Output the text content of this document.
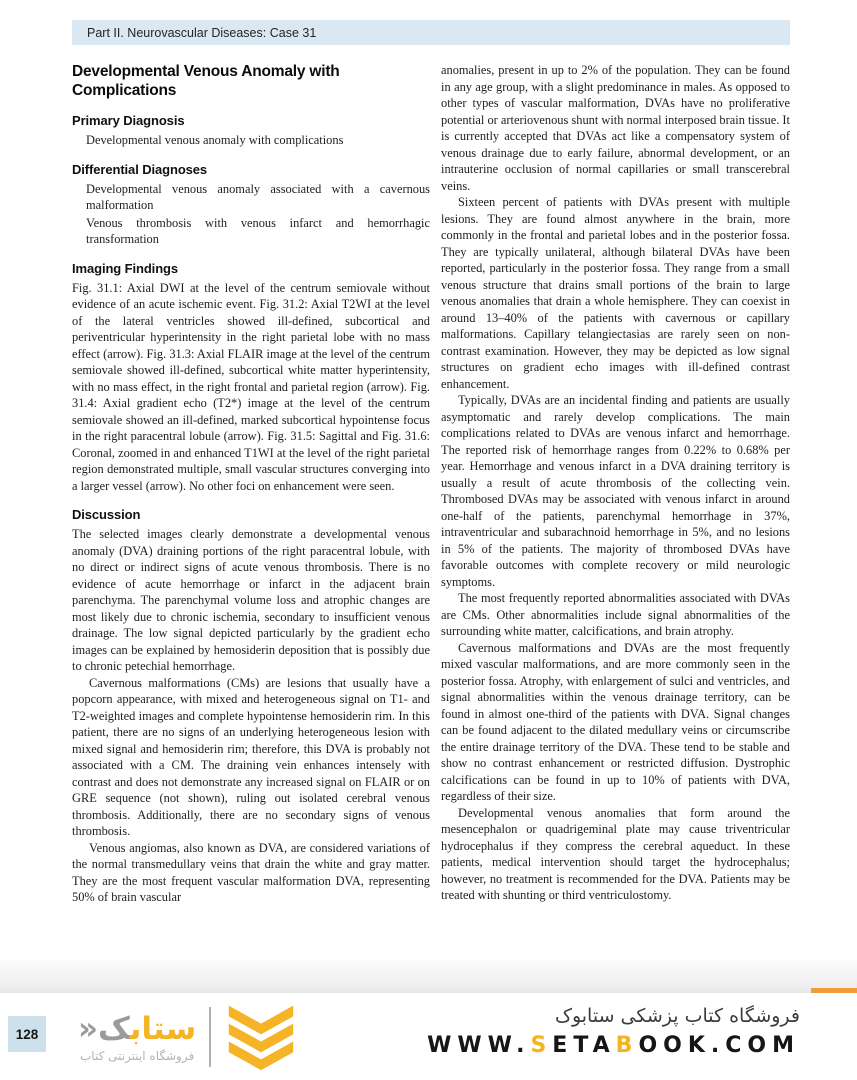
Part II. Neurovascular Diseases: Case 31
Developmental Venous Anomaly with Complications
Primary Diagnosis
Developmental venous anomaly with complications
Differential Diagnoses
Developmental venous anomaly associated with a cavernous malformation
Venous thrombosis with venous infarct and hemorrhagic transformation
Imaging Findings

Fig. 31.1: Axial DWI at the level of the centrum semiovale without evidence of an acute ischemic event. Fig. 31.2: Axial T2WI at the level of the lateral ventricles showed ill-defined, subcortical and periventricular hyperintensity in the right parietal lobe with no mass effect (arrow). Fig. 31.3: Axial FLAIR image at the level of the centrum semiovale showed ill-defined, subcortical white matter hyperintensity, with no mass effect, in the right frontal and parietal region (arrow). Fig. 31.4: Axial gradient echo (T2*) image at the level of the centrum semiovale showed an ill-defined, marked subcortical hypointense focus in the right paracentral lobule (arrow). Fig. 31.5: Sagittal and Fig. 31.6: Coronal, zoomed in and enhanced T1WI at the level of the right parietal region demonstrated multiple, small vascular structures converging into a larger vessel (arrow). No other foci on enhancement were seen.

Discussion

The selected images clearly demonstrate a developmental venous anomaly (DVA) draining portions of the right paracentral lobule, with no direct or indirect signs of acute venous thrombosis. There is no evidence of acute hemorrhage or infarct in the adjacent brain parenchyma. The parenchymal volume loss and atrophic changes are most likely due to chronic ischemia, secondary to insufficient venous drainage. The low signal depicted particularly by the gradient echo images can be explained by hemosiderin deposition that is possibly due to chronic petechial hemorrhage.

Cavernous malformations (CMs) are lesions that usually have a popcorn appearance, with mixed and heterogeneous signal on T1- and T2-weighted images and complete hypointense hemosiderin rim. In this patient, there are no signs of an underlying heterogeneous lesion with mixed signal and hemosiderin rim; therefore, this DVA is probably not associated with a CM. The draining vein enhances intensely with contrast and does not demonstrate any increased signal on FLAIR or on GRE sequence (not shown), ruling out isolated cerebral venous thrombosis. Additionally, there are no secondary signs of venous thrombosis.

Venous angiomas, also known as DVA, are considered variations of the normal transmedullary veins that drain the white and gray matter. They are the most frequent vascular malformation DVA, representing 50% of brain vascular

anomalies, present in up to 2% of the population. They can be found in any age group, with a slight predominance in males. As opposed to other types of vascular malformation, DVAs have no proliferative potential or arteriovenous shunt with normal interposed brain tissue. It is currently accepted that DVAs act like a compensatory system of venous drainage due to early failure, abnormal development, or an intrauterine occlusion of normal capillaries or small transcerebral veins.

Sixteen percent of patients with DVAs present with multiple lesions. They are found almost anywhere in the brain, more commonly in the frontal and parietal lobes and in the posterior fossa. They are typically unilateral, although bilateral DVAs have been reported, particularly in the posterior fossa. They range from a small venous structure that drains small portions of the brain to large venous anomalies that drain a whole hemisphere. They can coexist in around 13–40% of the patients with cavernous or capillary malformations. Capillary telangiectasias are rarely seen on non-contrast examination. However, they may be depicted as low signal structures on gradient echo images with ill-defined contrast enhancement.

Typically, DVAs are an incidental finding and patients are usually asymptomatic and rarely develop complications. The main complications related to DVAs are venous infarct and hemorrhage. The reported risk of hemorrhage ranges from 0.22% to 0.68% per year. Hemorrhage and venous infarct in a DVA draining territory is usually a result of acute thrombosis of the collecting vein. Thrombosed DVAs may be associated with venous infarct in around one-half of the patients, parenchymal hemorrhage in 37%, intraventricular and subarachnoid hemorrhage in 5%, and no lesions in 5% of the patients. The majority of thrombosed DVAs have favorable outcomes with complete recovery or mild neurologic symptoms.

The most frequently reported abnormalities associated with DVAs are CMs. Other abnormalities include signal abnormalities of the surrounding white matter, calcifications, and brain atrophy.

Cavernous malformations and DVAs are the most frequently mixed vascular malformations, and are more commonly seen in the posterior fossa. Atrophy, with enlargement of sulci and ventricles, and signal abnormalities within the venous drainage territory, can be found in almost one-third of the patients with DVA. Signal changes can be found adjacent to the dilated medullary veins or circumscribe the entire drainage territory of the DVA. These tend to be stable and show no contrast enhancement or restricted diffusion. Dystrophic calcifications can be found in up to 10% of patients with DVA, regardless of their size.

Developmental venous anomalies that form around the mesencephalon or quadrigeminal plate may cause triventricular hydrocephalus if they compress the cerebral aqueduct. In these patients, medical intervention should target the hydrocephalus; however, no treatment is recommended for the DVA. Patients may be treated with shunting or third ventriculostomy.

128	ستابک«
فروشگاه اینترنتی کتاب
فروشگاه کتاب پزشکی ستابوک
WWW.SETABOOK.COM
